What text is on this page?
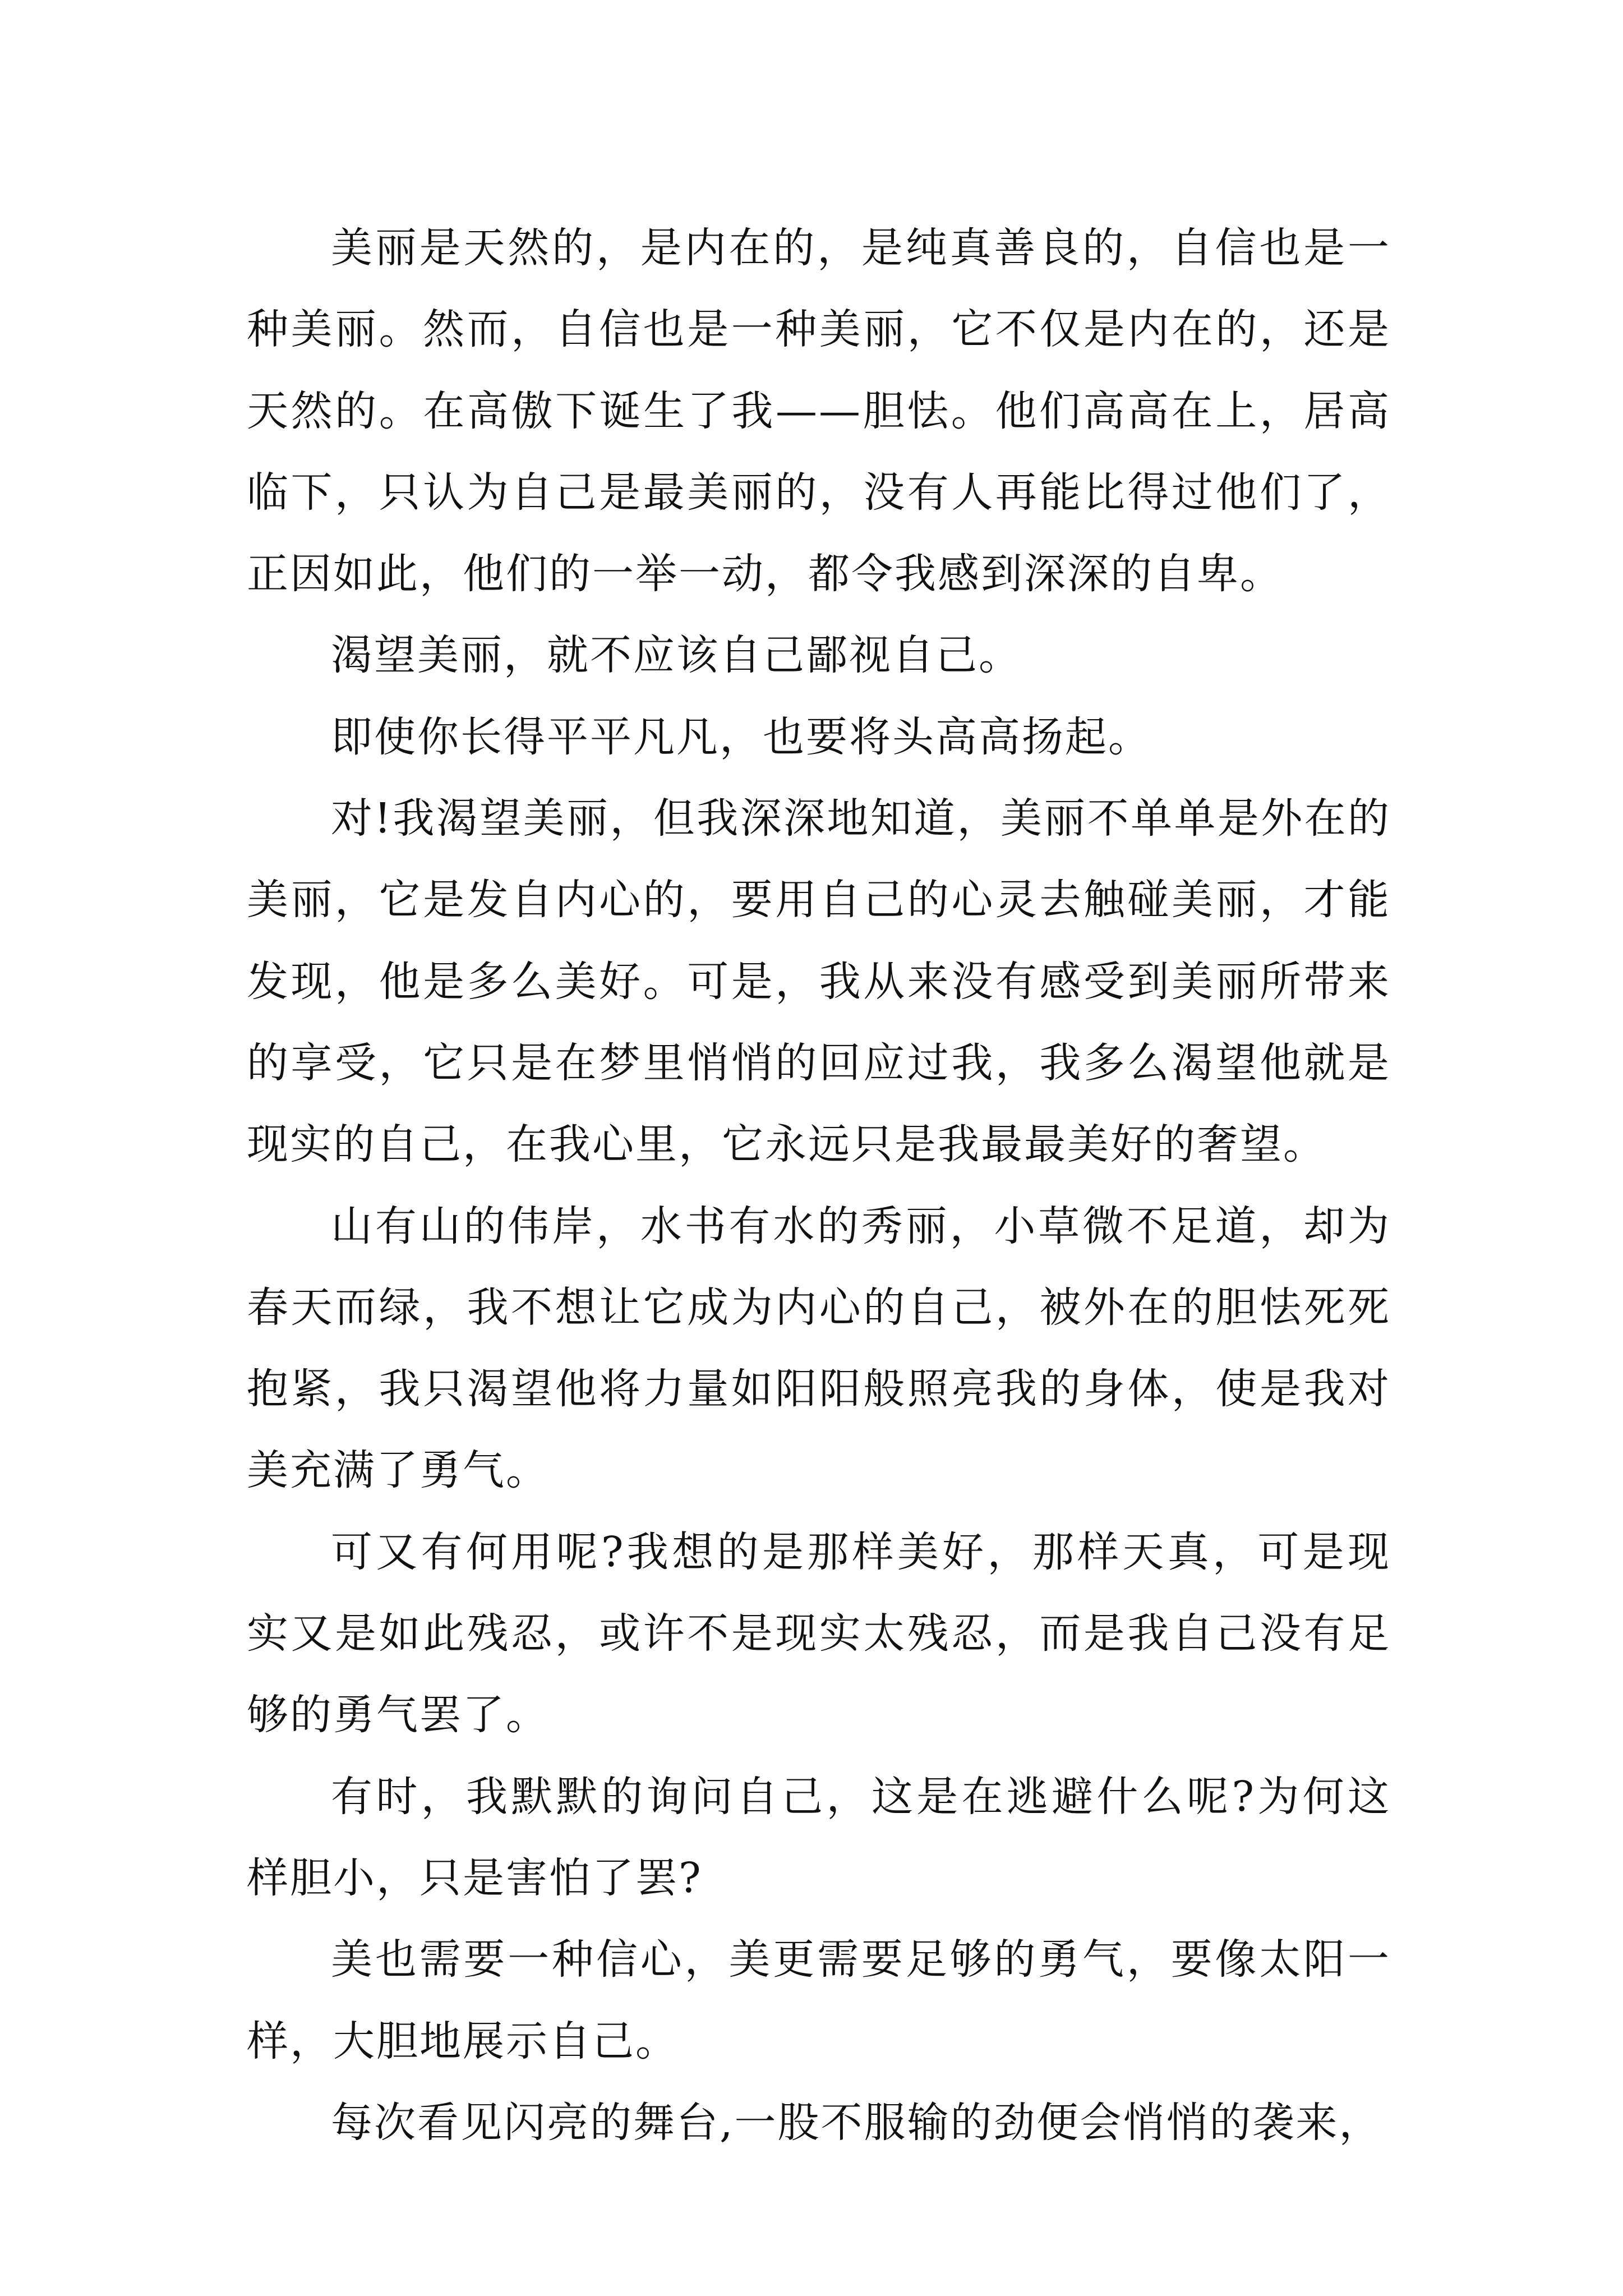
美丽是天然的，是内在的，是纯真善良的，自信也是一种美丽。然而，自信也是一种美丽，它不仅是内在的，还是天然的。在高傲下诞生了我——胆怯。他们高高在上，居高临下，只认为自己是最美丽的，没有人再能比得过他们了，正因如此，他们的一举一动，都令我感到深深的自卑。

渴望美丽，就不应该自己鄙视自己。

即使你长得平平凡凡，也要将头高高扬起。

对!我渴望美丽，但我深深地知道，美丽不单单是外在的美丽，它是发自内心的，要用自己的心灵去触碰美丽，才能发现，他是多么美好。可是，我从来没有感受到美丽所带来的享受，它只是在梦里悄悄的回应过我，我多么渴望他就是现实的自己，在我心里，它永远只是我最最美好的奢望。

山有山的伟岸，水书有水的秀丽，小草微不足道，却为春天而绿，我不想让它成为内心的自己，被外在的胆怯死死抱紧，我只渴望他将力量如阳阳般照亮我的身体，使是我对美充满了勇气。

可又有何用呢?我想的是那样美好，那样天真，可是现实又是如此残忍，或许不是现实太残忍，而是我自己没有足够的勇气罢了。

有时，我默默的询问自己，这是在逃避什么呢?为何这样胆小，只是害怕了罢?

美也需要一种信心，美更需要足够的勇气，要像太阳一样，大胆地展示自己。

每次看见闪亮的舞台,一股不服输的劲便会悄悄的袭来，
